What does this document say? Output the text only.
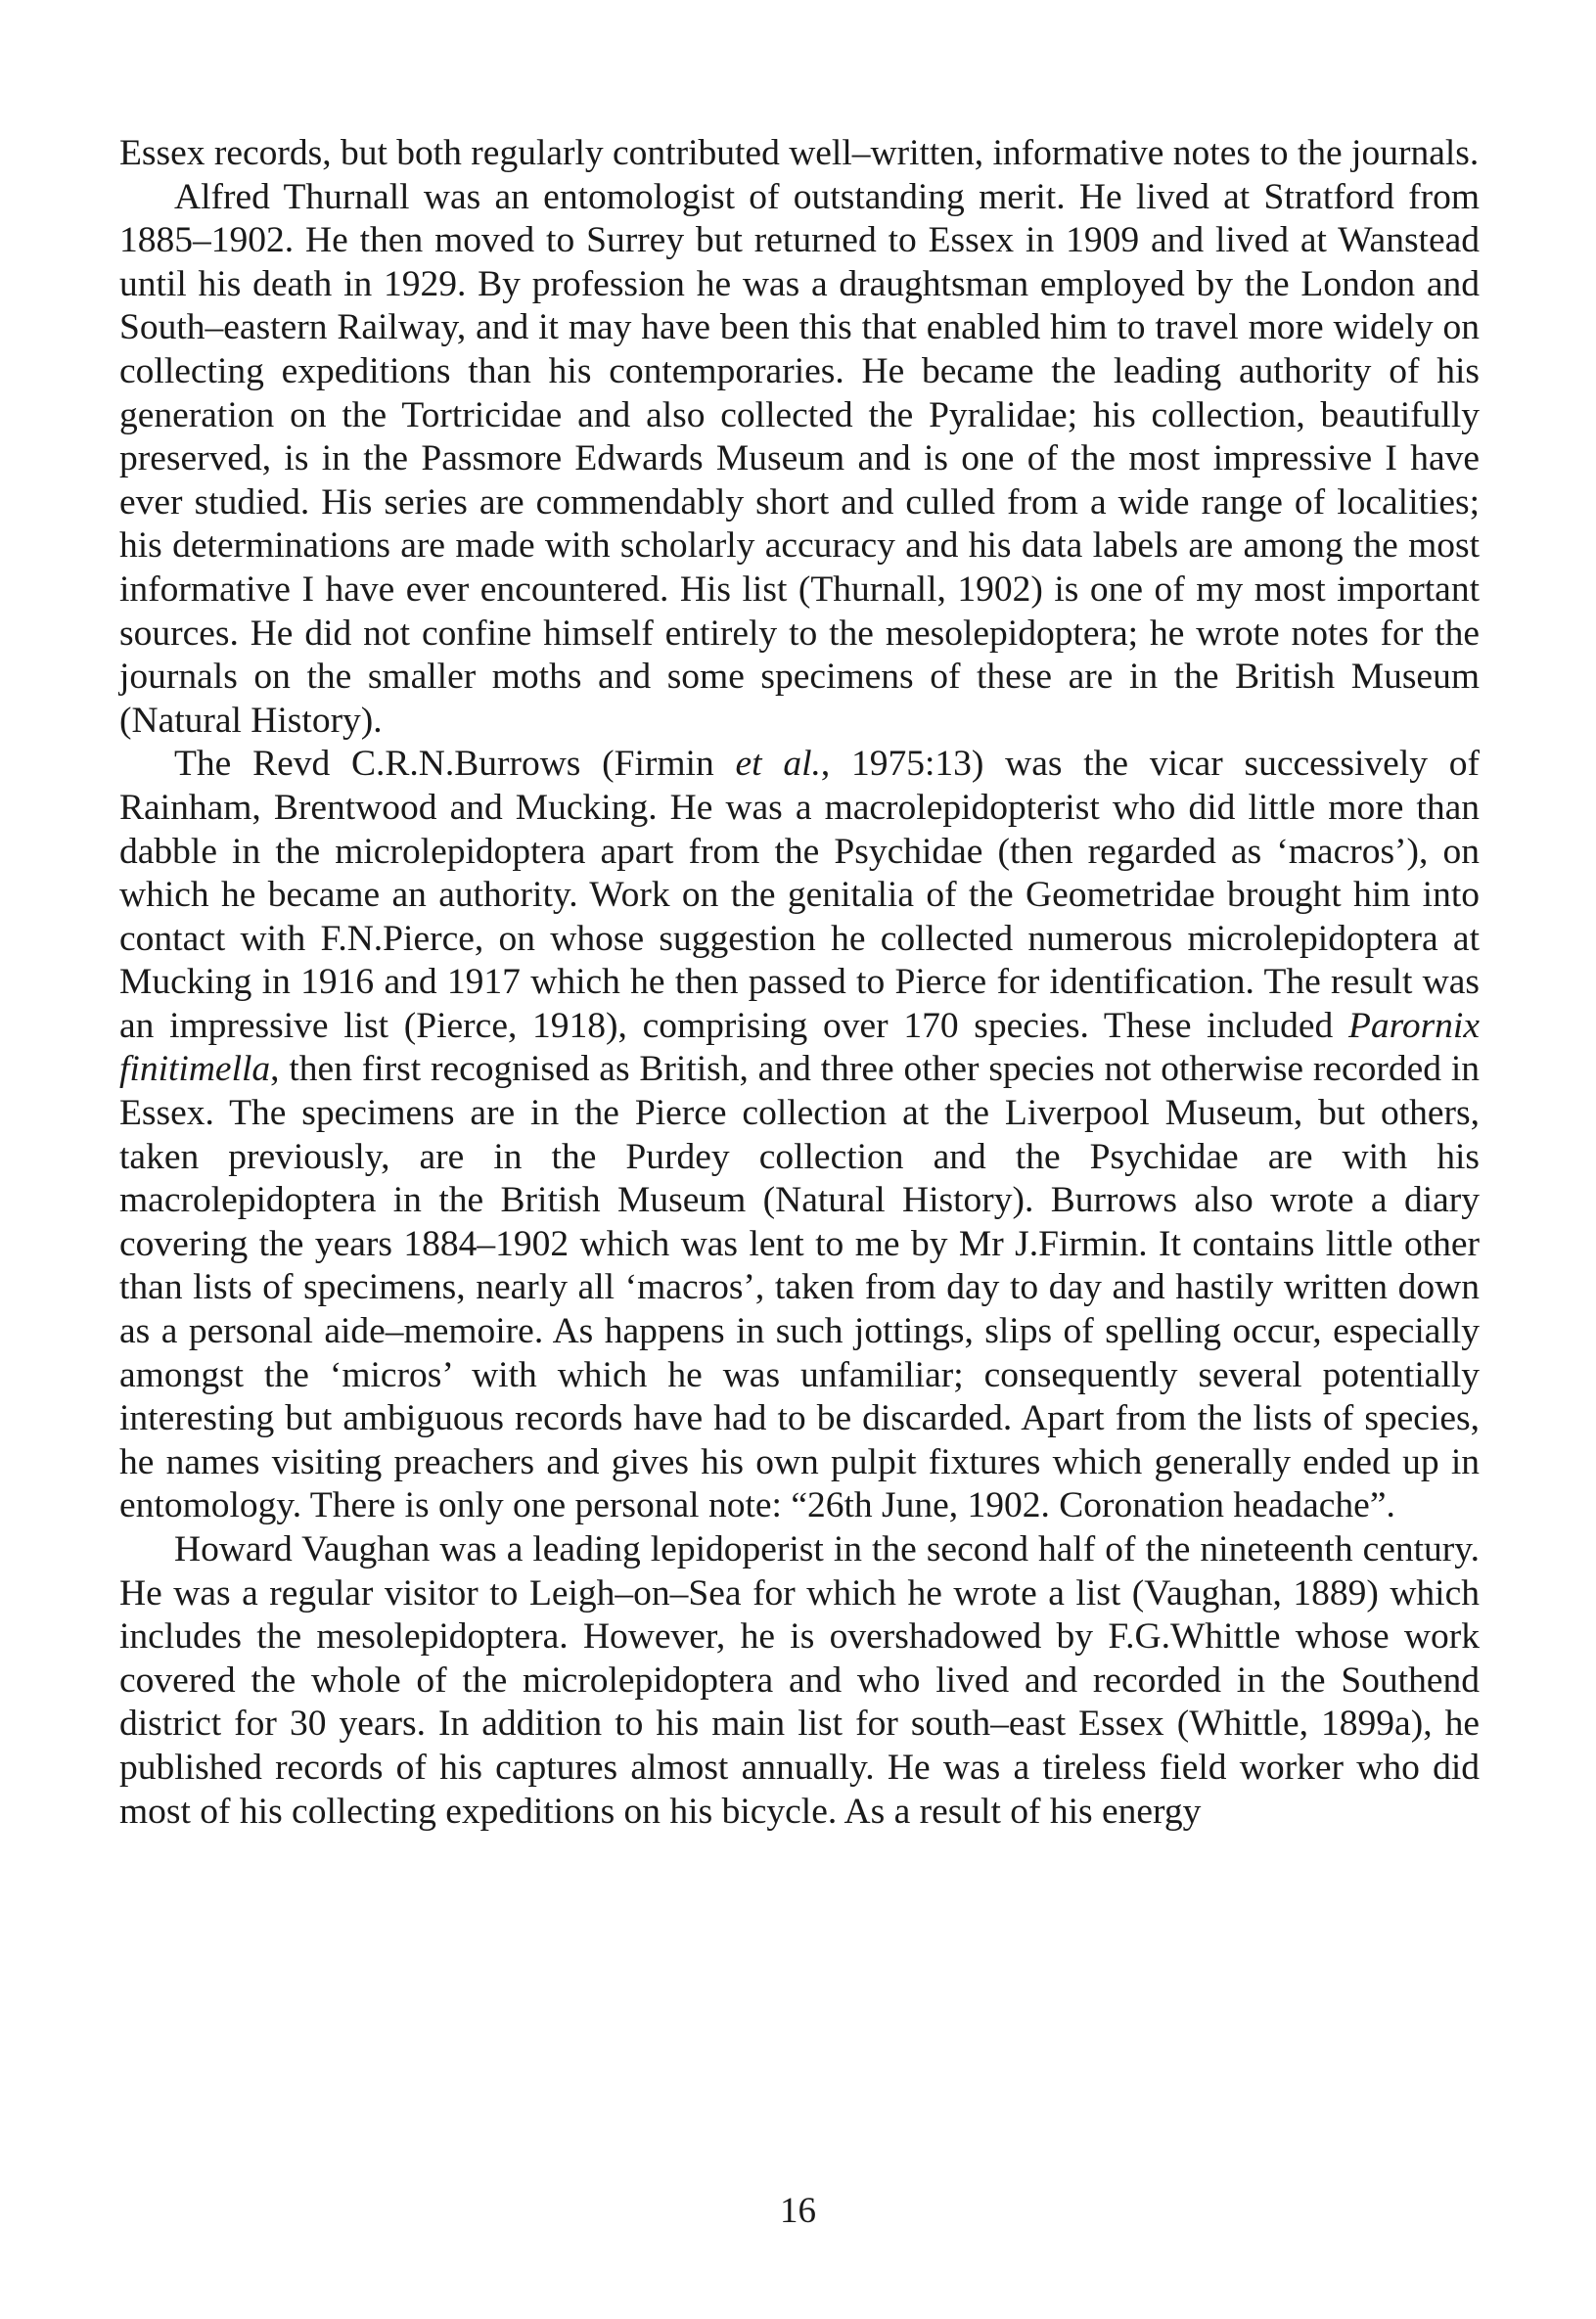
Essex records, but both regularly contributed well–written, informative notes to the journals.

Alfred Thurnall was an entomologist of outstanding merit. He lived at Stratford from 1885–1902. He then moved to Surrey but returned to Essex in 1909 and lived at Wanstead until his death in 1929. By profession he was a draughtsman employed by the London and South–eastern Railway, and it may have been this that enabled him to travel more widely on collecting expeditions than his contemporaries. He became the leading authority of his generation on the Tortricidae and also collected the Pyralidae; his collection, beautifully preserved, is in the Passmore Edwards Museum and is one of the most impressive I have ever studied. His series are commendably short and culled from a wide range of localities; his determinations are made with scholarly accuracy and his data labels are among the most informative I have ever encountered. His list (Thurnall, 1902) is one of my most important sources. He did not confine himself entirely to the mesolepidoptera; he wrote notes for the journals on the smaller moths and some specimens of these are in the British Museum (Natural History).

The Revd C.R.N.Burrows (Firmin et al., 1975:13) was the vicar successively of Rainham, Brentwood and Mucking. He was a macrolepidopterist who did little more than dabble in the microlepidoptera apart from the Psychidae (then regarded as ‘macros’), on which he became an authority. Work on the genitalia of the Geometridae brought him into contact with F.N.Pierce, on whose suggestion he collected numerous microlepidoptera at Mucking in 1916 and 1917 which he then passed to Pierce for identification. The result was an impressive list (Pierce, 1918), comprising over 170 species. These included Parornix finitimella, then first recognised as British, and three other species not otherwise recorded in Essex. The specimens are in the Pierce collection at the Liverpool Museum, but others, taken previously, are in the Purdey collection and the Psychidae are with his macrolepidoptera in the British Museum (Natural History). Burrows also wrote a diary covering the years 1884–1902 which was lent to me by Mr J.Firmin. It contains little other than lists of specimens, nearly all ‘macros’, taken from day to day and hastily written down as a personal aide–memoire. As happens in such jottings, slips of spelling occur, especially amongst the ‘micros’ with which he was unfamiliar; consequently several potentially interesting but ambiguous records have had to be discarded. Apart from the lists of species, he names visiting preachers and gives his own pulpit fixtures which generally ended up in entomology. There is only one personal note: “26th June, 1902. Coronation headache”.

Howard Vaughan was a leading lepidoperist in the second half of the nineteenth century. He was a regular visitor to Leigh–on–Sea for which he wrote a list (Vaughan, 1889) which includes the mesolepidoptera. However, he is overshadowed by F.G.Whittle whose work covered the whole of the microlepidoptera and who lived and recorded in the Southend district for 30 years. In addition to his main list for south–east Essex (Whittle, 1899a), he published records of his captures almost annually. He was a tireless field worker who did most of his collecting expeditions on his bicycle. As a result of his energy

16
